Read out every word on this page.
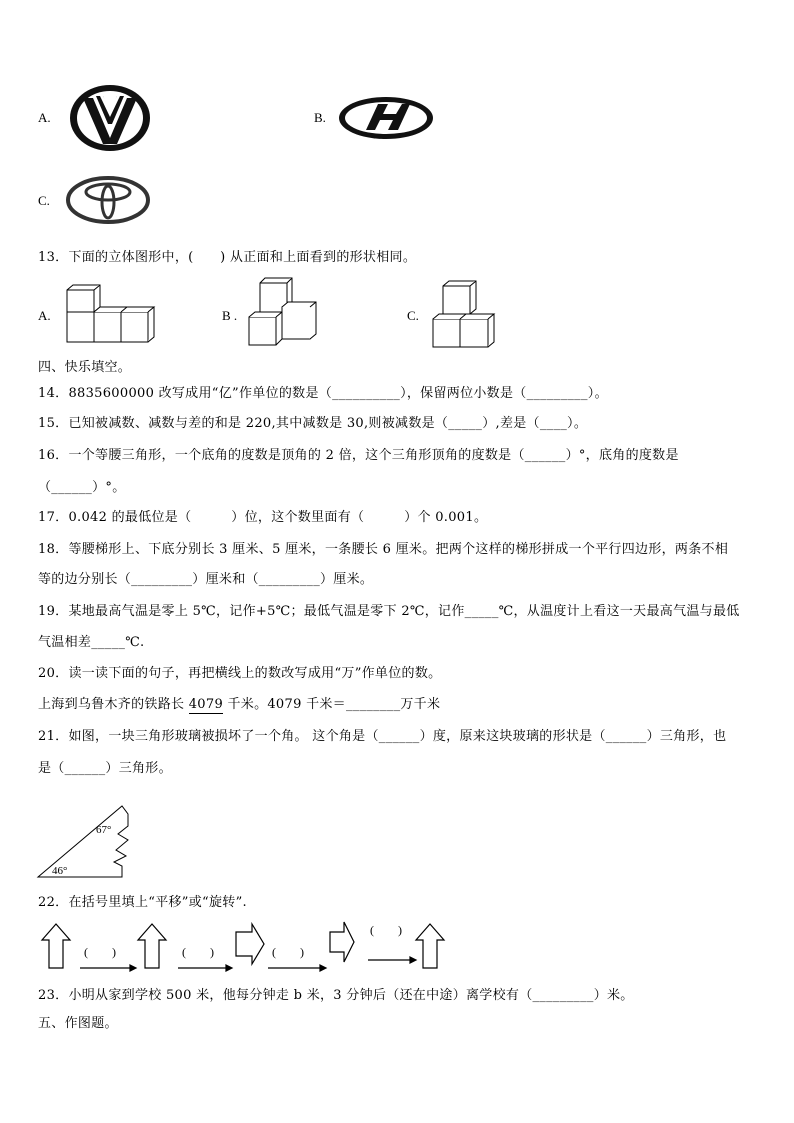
A.	B.
C.
13．下面的立体图形中，(　　) 从正面和上面看到的形状相同。
A.	B .	C.
四、快乐填空。
14．8835600000 改写成用“亿”作单位的数是（__________），保留两位小数是（_________）。
15．已知被减数、减数与差的和是 220,其中减数是 30,则被减数是（_____）,差是（____）。
16．一个等腰三角形，一个底角的度数是顶角的 2 倍，这个三角形顶角的度数是（______）°，底角的度数是
（______）°。
17．0.042 的最低位是（　　　）位，这个数里面有（　　　）个 0.001。
18．等腰梯形上、下底分别长 3 厘米、5 厘米，一条腰长 6 厘米。把两个这样的梯形拼成一个平行四边形，两条不相
等的边分别长（_________）厘米和（_________）厘米。
19．某地最高气温是零上 5℃，记作+5℃；最低气温是零下 2℃，记作_____℃，从温度计上看这一天最高气温与最低
气温相差_____℃.
20．读一读下面的句子，再把横线上的数改写成用“万”作单位的数。
上海到乌鲁木齐的铁路长 4079 千米。4079 千米＝________万千米
21．如图，一块三角形玻璃被损坏了一个角。 这个角是（______）度，原来这块玻璃的形状是（______）三角形，也
是（______）三角形。
67°
46°
22．在括号里填上“平移”或“旋转”.
(　　)	(　　)	(　　)
(　　)
23．小明从家到学校 500 米，他每分钟走 b 米，3 分钟后（还在中途）离学校有（_________）米。
五、作图题。
